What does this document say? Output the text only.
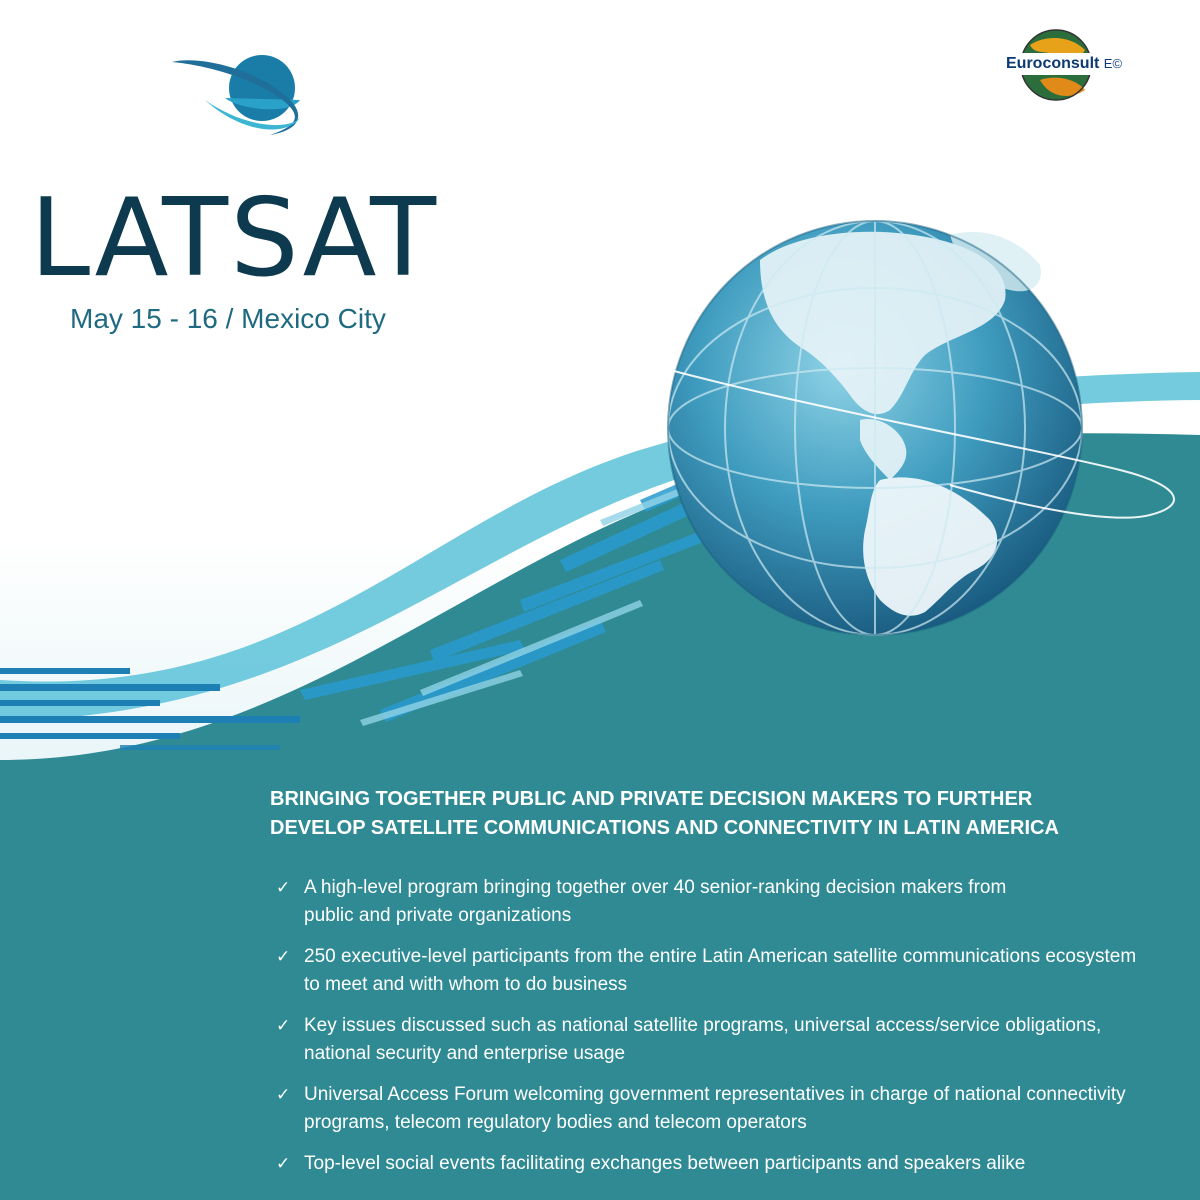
LATSAT
May 15 - 16 / Mexico City
Euroconsult E©
BRINGING TOGETHER PUBLIC AND PRIVATE DECISION MAKERS TO FURTHER
DEVELOP SATELLITE COMMUNICATIONS AND CONNECTIVITY IN LATIN AMERICA
✓ A high-level program bringing together over 40 senior-ranking decision makers from
public and private organizations
✓ 250 executive-level participants from the entire Latin American satellite communications ecosystem
to meet and with whom to do business
✓ Key issues discussed such as national satellite programs, universal access/service obligations,
national security and enterprise usage
✓ Universal Access Forum welcoming government representatives in charge of national connectivity
programs, telecom regulatory bodies and telecom operators
✓ Top-level social events facilitating exchanges between participants and speakers alike
